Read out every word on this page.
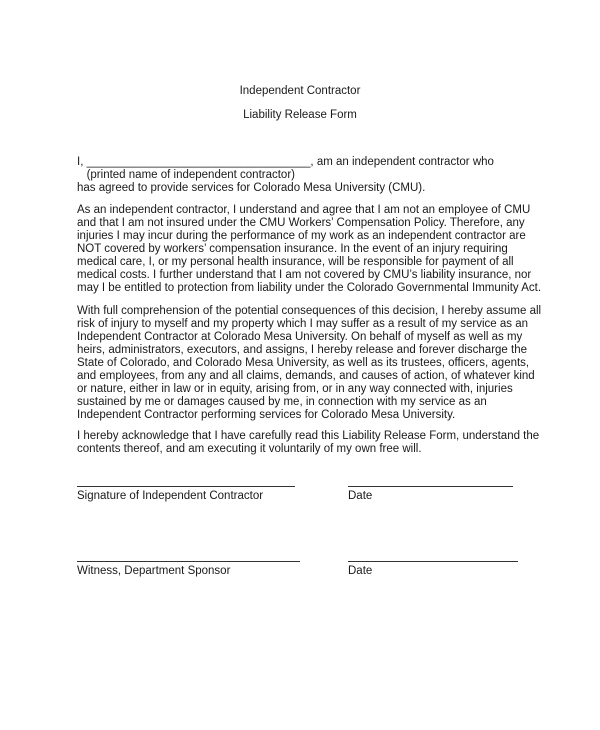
Independent Contractor
Liability Release Form
I, ___________________________________, am an independent contractor who
(printed name of independent contractor)
has agreed to provide services for Colorado Mesa University (CMU).
As an independent contractor, I understand and agree that I am not an employee of CMU
and that I am not insured under the CMU Workers’ Compensation Policy. Therefore, any
injuries I may incur during the performance of my work as an independent contractor are
NOT covered by workers’ compensation insurance. In the event of an injury requiring
medical care, I, or my personal health insurance, will be responsible for payment of all
medical costs. I further understand that I am not covered by CMU’s liability insurance, nor
may I be entitled to protection from liability under the Colorado Governmental Immunity Act.
With full comprehension of the potential consequences of this decision, I hereby assume all
risk of injury to myself and my property which I may suffer as a result of my service as an
Independent Contractor at Colorado Mesa University. On behalf of myself as well as my
heirs, administrators, executors, and assigns, I hereby release and forever discharge the
State of Colorado, and Colorado Mesa University, as well as its trustees, officers, agents,
and employees, from any and all claims, demands, and causes of action, of whatever kind
or nature, either in law or in equity, arising from, or in any way connected with, injuries
sustained by me or damages caused by me, in connection with my service as an
Independent Contractor performing services for Colorado Mesa University.
I hereby acknowledge that I have carefully read this Liability Release Form, understand the
contents thereof, and am executing it voluntarily of my own free will.
Signature of Independent Contractor	Date
Witness, Department Sponsor	Date
